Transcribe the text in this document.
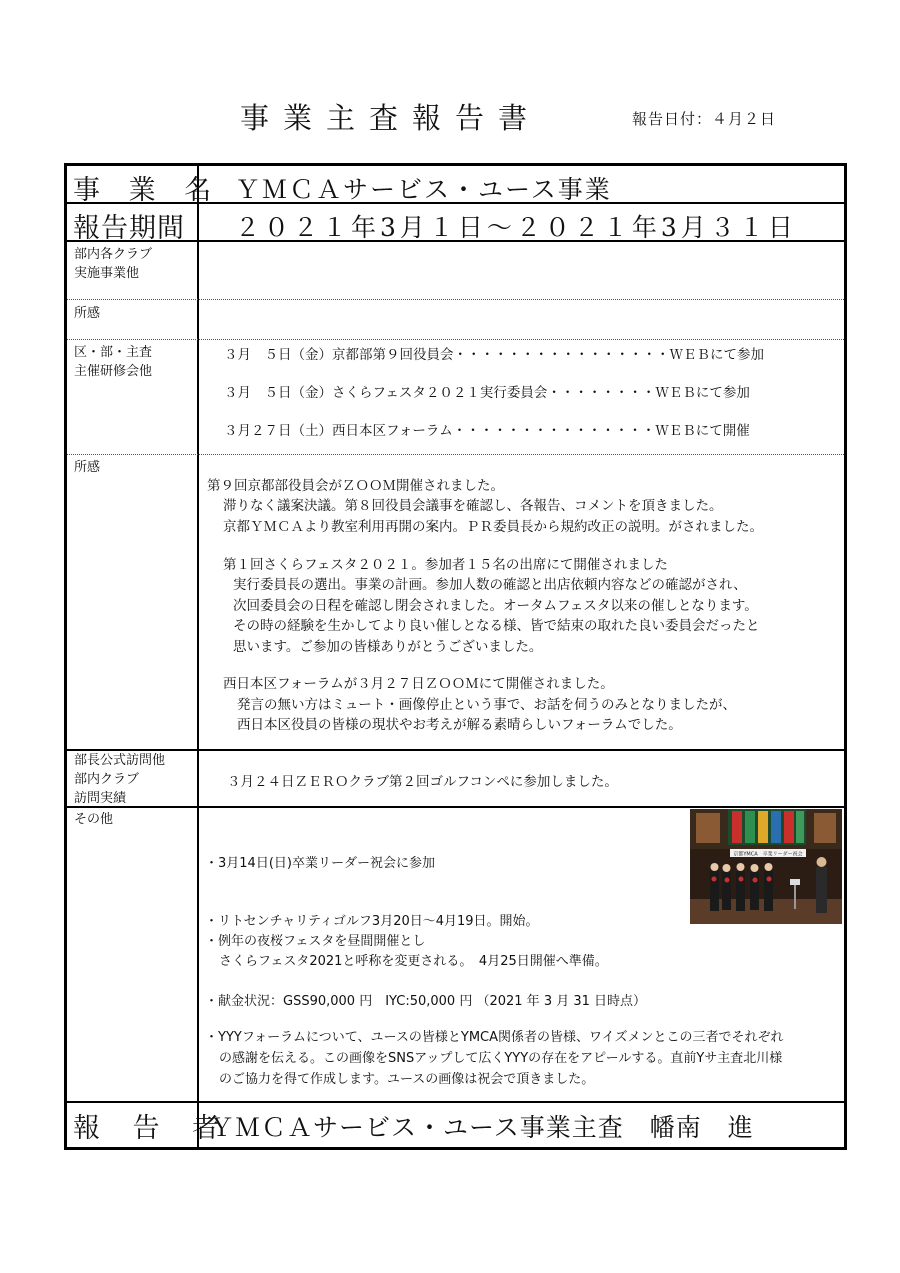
事業主査報告書	報告日付：４月２日
事 業 名 ＹＭＣＡサービス・ユース事業
報告期間 ２０２１年3月１日～２０２１年3月３１日
部内各クラブ
実施事業他
所感
区・部・主査
主催研修会他
３月　５日（金）京都部第９回役員会・・・・・・・・・・・・・・・・ＷＥＢにて参加
３月　５日（金）さくらフェスタ２０２１実行委員会・・・・・・・・ＷＥＢにて参加
３月２７日（土）西日本区フォーラム・・・・・・・・・・・・・・・ＷＥＢにて開催
所感
第９回京都部役員会がＺＯＯＭ開催されました。
滞りなく議案決議。第８回役員会議事を確認し、各報告、コメントを頂きました。
京都ＹＭＣＡより教室利用再開の案内。ＰＲ委員長から規約改正の説明。がされました。
第１回さくらフェスタ２０２１。参加者１５名の出席にて開催されました
実行委員長の選出。事業の計画。参加人数の確認と出店依頼内容などの確認がされ、
次回委員会の日程を確認し閉会されました。オータムフェスタ以来の催しとなります。
その時の経験を生かしてより良い催しとなる様、皆で結束の取れた良い委員会だったと
思います。ご参加の皆様ありがとうございました。
西日本区フォーラムが３月２７日ＺＯＯＭにて開催されました。
発言の無い方はミュート・画像停止という事で、お話を伺うのみとなりましたが、
西日本区役員の皆様の現状やお考えが解る素晴らしいフォーラムでした。
部長公式訪問他
部内クラブ
訪問実績
３月２４日ＺＥＲＯクラブ第２回ゴルフコンペに参加しました。
その他
・3月14日(日)卒業リーダー祝会に参加
・リトセンチャリティゴルフ3月20日～4月19日。開始。
・例年の夜桜フェスタを昼間開催とし
さくらフェスタ2021と呼称を変更される。　4月25日開催へ準備。
・献金状況：GSS90,000 円　IYC:50,000 円 （2021 年 3 月 31 日時点）
・YYYフォーラムについて、ユースの皆様とYMCA関係者の皆様、ワイズメンとこの三者でそれぞれ
の感謝を伝える。この画像をSNSアップして広くYYYの存在をアピールする。直前Yサ主査北川様
のご協力を得て作成します。ユースの画像は祝会で頂きました。
京都YMCA　卒業リーダー祝会
報 告 者
ＹＭＣＡサービス・ユース事業主査　幡南　進
